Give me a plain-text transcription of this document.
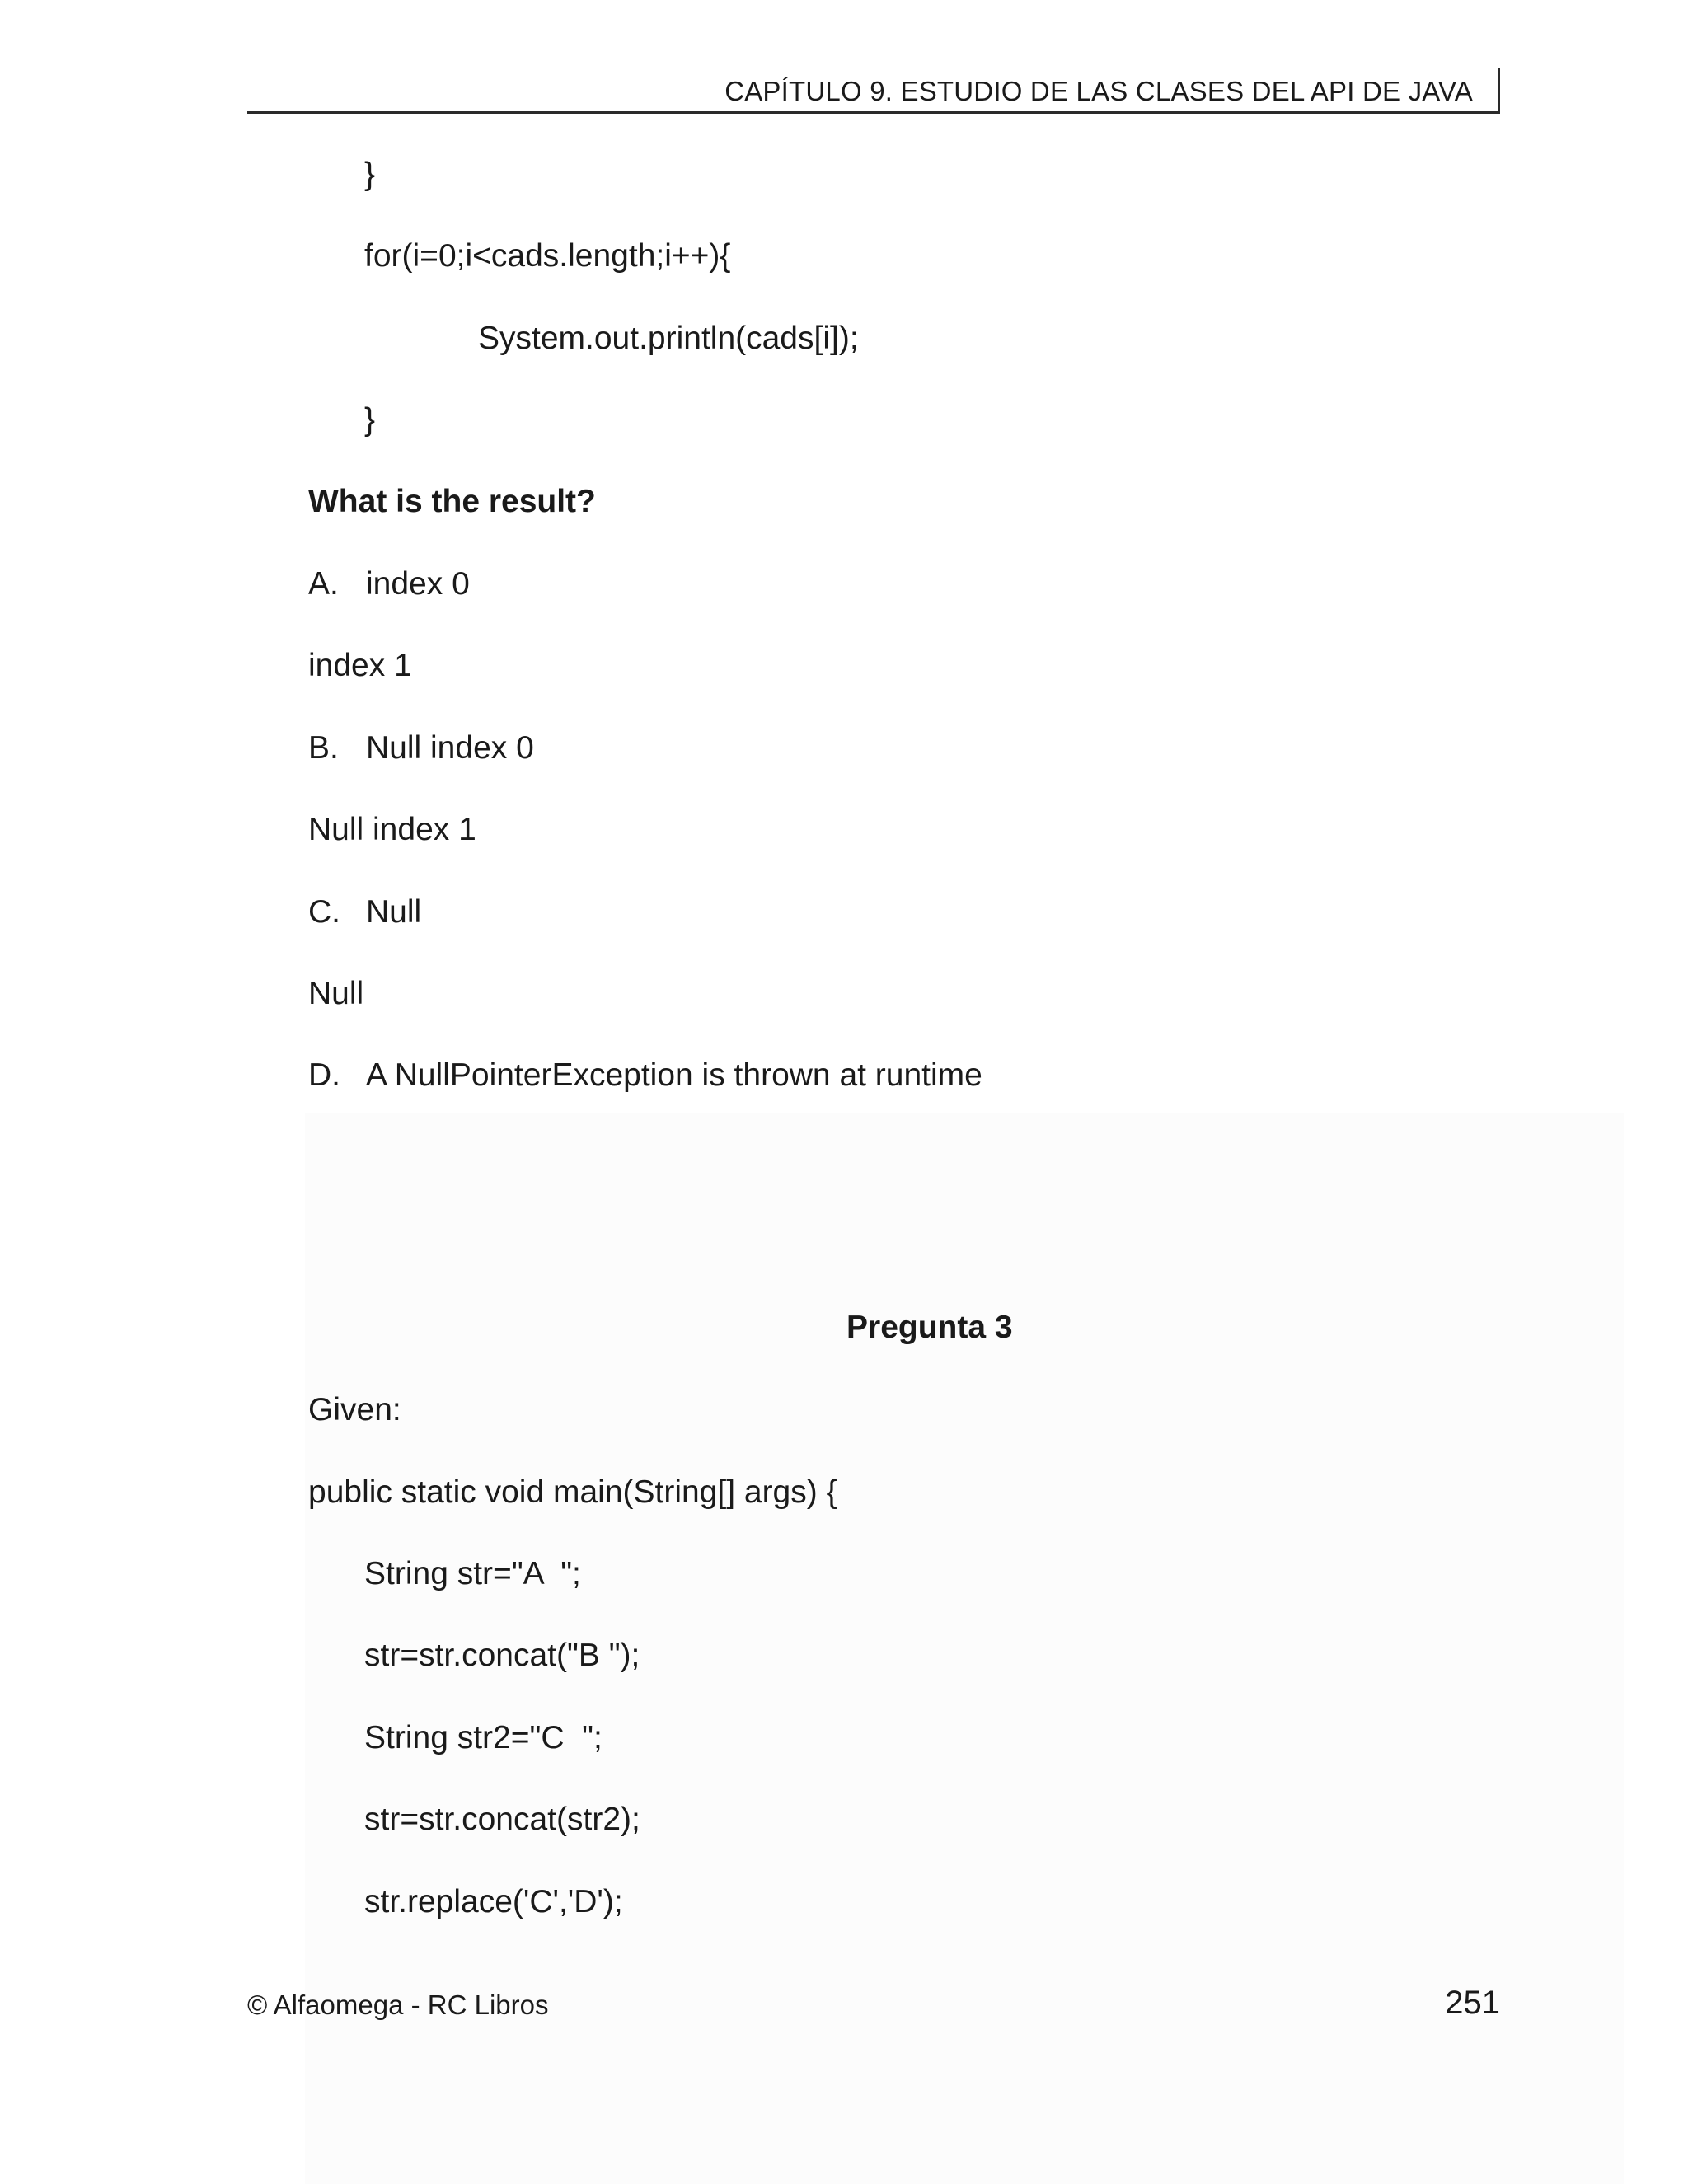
CAPÍTULO 9. ESTUDIO DE LAS CLASES DEL API DE JAVA
}
for(i=0;i<cads.length;i++){
System.out.println(cads[i]);
}
What is the result?
A. index 0
index 1
B. Null index 0
Null index 1
C. Null
Null
D. A NullPointerException is thrown at runtime
Pregunta 3
Given:
public static void main(String[] args) {
String str="A  ";
str=str.concat("B ");
String str2="C  ";
str=str.concat(str2);
str.replace('C','D');
© Alfaomega - RC Libros	251
